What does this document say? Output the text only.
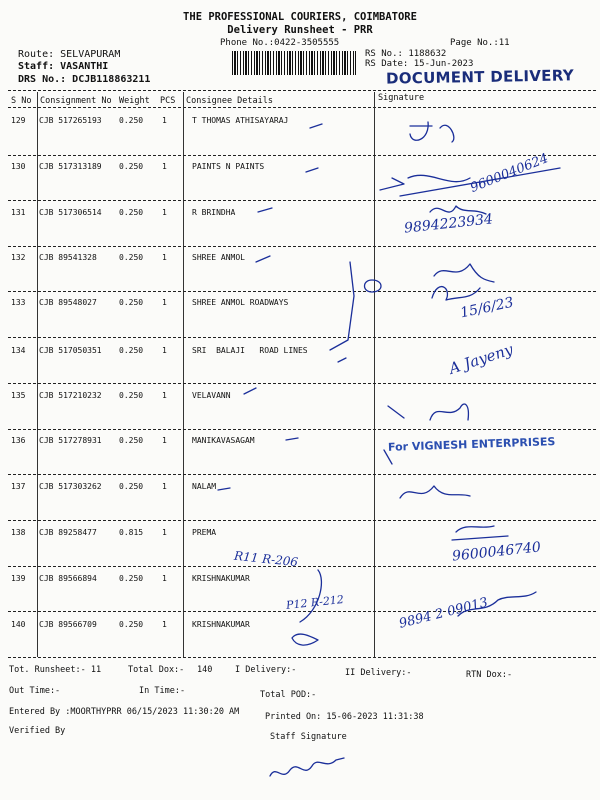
THE PROFESSIONAL COURIERS, COIMBATORE
Delivery Runsheet - PRR
Phone No.:0422-3505555	Page No.:11
Route: SELVAPURAM
Staff: VASANTHI
DRS No.: DCJB118863211
RS No.: 1188632
RS Date: 15-Jun-2023
DOCUMENT DELIVERY
S No Consignment No Weight PCS Consignee Details	Signature
129 CJB 517265193 0.250 1	T THOMAS ATHISAYARAJ
130 CJB 517313189 0.250 1	PAINTS N PAINTS
131 CJB 517306514 0.250 1	R BRINDHA
132 CJB 89541328	0.250 1	SHREE ANMOL
133 CJB 89548027	0.250 1	SHREE ANMOL ROADWAYS
134 CJB 517050351 0.250 1	SRI  BALAJI   ROAD LINES
135 CJB 517210232 0.250 1	VELAVANN
136 CJB 517278931 0.250 1	MANIKAVASAGAM
137 CJB 517303262 0.250 1	NALAM
138 CJB 89258477	0.815 1	PREMA
139 CJB 89566894	0.250 1	KRISHNAKUMAR
140 CJB 89566709	0.250 1	KRISHNAKUMAR
For VIGNESH ENTERPRISES
9600040624
9894223934
15/6/23
A Jayeny
9600046740
9894 2 09013
R11 R-206
P12 R-212
Tot. Runsheet:- 11	Total Dox:- 140	I Delivery:-	II Delivery:-	RTN Dox:-
Out Time:-	In Time:-	Total POD:-
Entered By :MOORTHYPRR 06/15/2023 11:30:20 AM	Printed On: 15-06-2023 11:31:38
Verified By
Staff Signature
